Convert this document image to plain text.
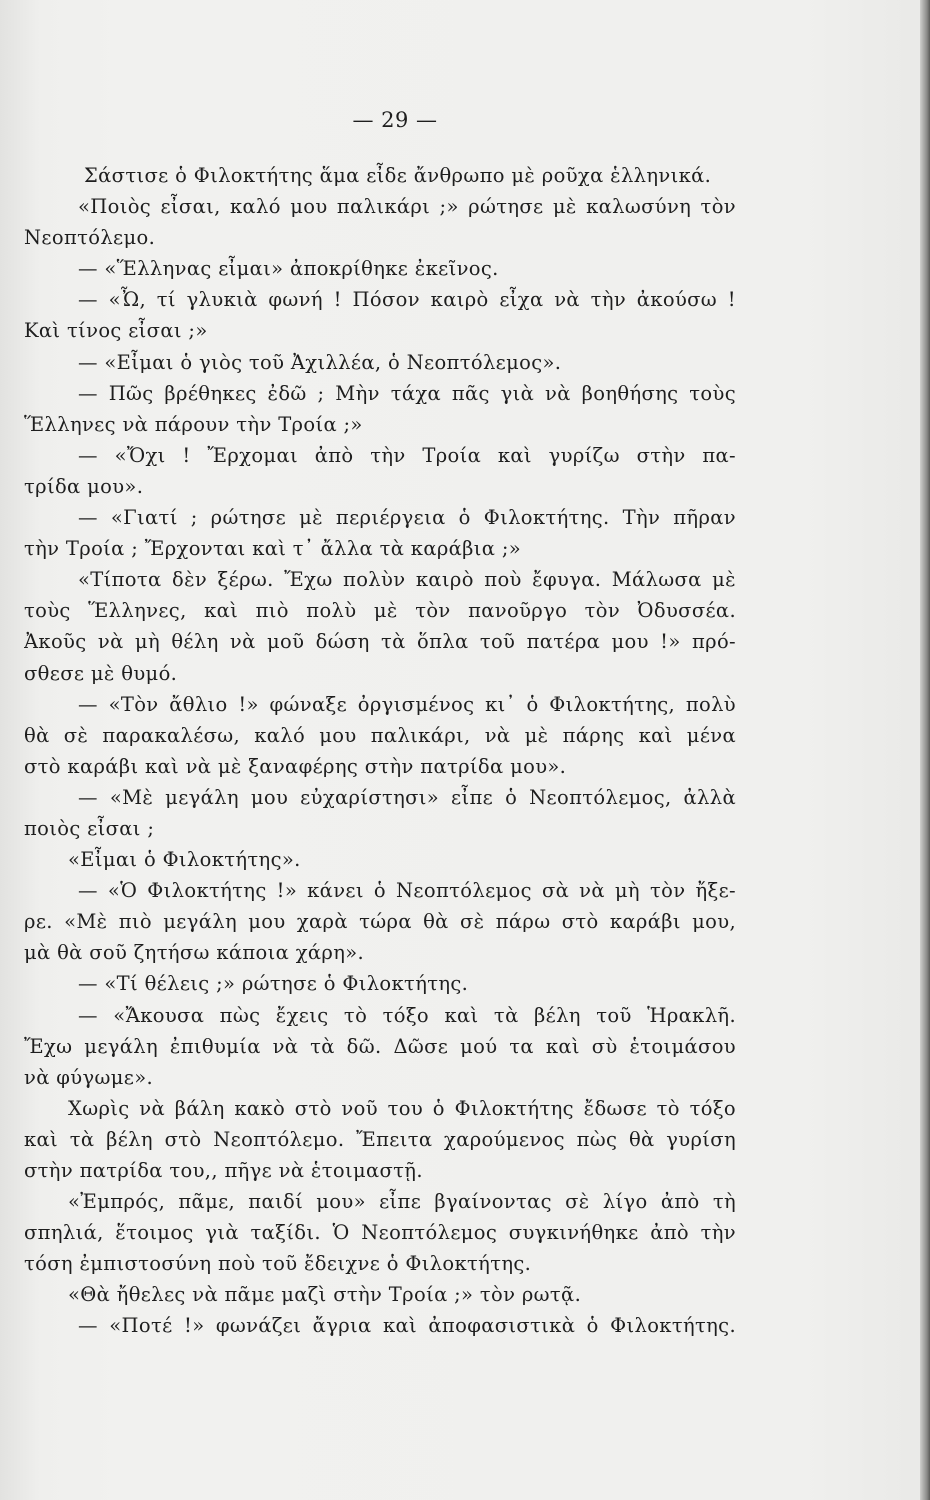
— 29 —
Σάστισε ὁ Φιλοκτήτης ἅμα εἶδε ἄνθρωπο μὲ ροῦχα ἑλληνικά.
«Ποιὸς εἶσαι, καλό μου παλικάρι ;» ρώτησε μὲ καλωσύνη τὸν
Νεοπτόλεμο.
— «Ἕλληνας εἶμαι» ἀποκρίθηκε ἐκεῖνος.
— «Ὦ, τί γλυκιὰ φωνή ! Πόσον καιρὸ εἶχα νὰ τὴν ἀκούσω !
Καὶ τίνος εἶσαι ;»
— «Εἶμαι ὁ γιὸς τοῦ Ἀχιλλέα, ὁ Νεοπτόλεμος».
— Πῶς βρέθηκες ἐδῶ ; Μὴν τάχα πᾶς γιὰ νὰ βοηθήσης τοὺς
Ἕλληνες νὰ πάρουν τὴν Τροία ;»
— «Ὄχι ! Ἔρχομαι ἀπὸ τὴν Τροία καὶ γυρίζω στὴν πα-
τρίδα μου».
— «Γιατί ; ρώτησε μὲ περιέργεια ὁ Φιλοκτήτης. Τὴν πῆραν
τὴν Τροία ; Ἔρχονται καὶ τ᾿ ἄλλα τὰ καράβια ;»
«Τίποτα δὲν ξέρω. Ἔχω πολὺν καιρὸ ποὺ ἔφυγα. Μάλωσα μὲ
τοὺς Ἕλληνες, καὶ πιὸ πολὺ μὲ τὸν πανοῦργο τὸν Ὀδυσσέα.
Ἀκοῦς νὰ μὴ θέλη νὰ μοῦ δώση τὰ ὅπλα τοῦ πατέρα μου !» πρό-
σθεσε μὲ θυμό.
— «Τὸν ἄθλιο !» φώναξε ὀργισμένος κι᾿ ὁ Φιλοκτήτης, πολὺ
θὰ σὲ παρακαλέσω, καλό μου παλικάρι, νὰ μὲ πάρης καὶ μένα
στὸ καράβι καὶ νὰ μὲ ξαναφέρης στὴν πατρίδα μου».
— «Μὲ μεγάλη μου εὐχαρίστησι» εἶπε ὁ Νεοπτόλεμος, ἀλλὰ
ποιὸς εἶσαι ;
«Εἶμαι ὁ Φιλοκτήτης».
— «Ὁ Φιλοκτήτης !» κάνει ὁ Νεοπτόλεμος σὰ νὰ μὴ τὸν ἤξε-
ρε. «Μὲ πιὸ μεγάλη μου χαρὰ τώρα θὰ σὲ πάρω στὸ καράβι μου,
μὰ θὰ σοῦ ζητήσω κάποια χάρη».
— «Τί θέλεις ;» ρώτησε ὁ Φιλοκτήτης.
— «Ἄκουσα πὼς ἔχεις τὸ τόξο καὶ τὰ βέλη τοῦ Ἡρακλῆ.
Ἔχω μεγάλη ἐπιθυμία νὰ τὰ δῶ. Δῶσε μού τα καὶ σὺ ἑτοιμάσου
νὰ φύγωμε».
Χωρὶς νὰ βάλη κακὸ στὸ νοῦ του ὁ Φιλοκτήτης ἔδωσε τὸ τόξο
καὶ τὰ βέλη στὸ Νεοπτόλεμο. Ἔπειτα χαρούμενος πὼς θὰ γυρίση
στὴν πατρίδα του,, πῆγε νὰ ἑτοιμαστῇ.
«Ἐμπρός, πᾶμε, παιδί μου» εἶπε βγαίνοντας σὲ λίγο ἀπὸ τὴ
σπηλιά, ἕτοιμος γιὰ ταξίδι. Ὁ Νεοπτόλεμος συγκινήθηκε ἀπὸ τὴν
τόση ἐμπιστοσύνη ποὺ τοῦ ἔδειχνε ὁ Φιλοκτήτης.
«Θὰ ἤθελες νὰ πᾶμε μαζὶ στὴν Τροία ;» τὸν ρωτᾷ.
— «Ποτέ !» φωνάζει ἄγρια καὶ ἀποφασιστικὰ ὁ Φιλοκτήτης.
